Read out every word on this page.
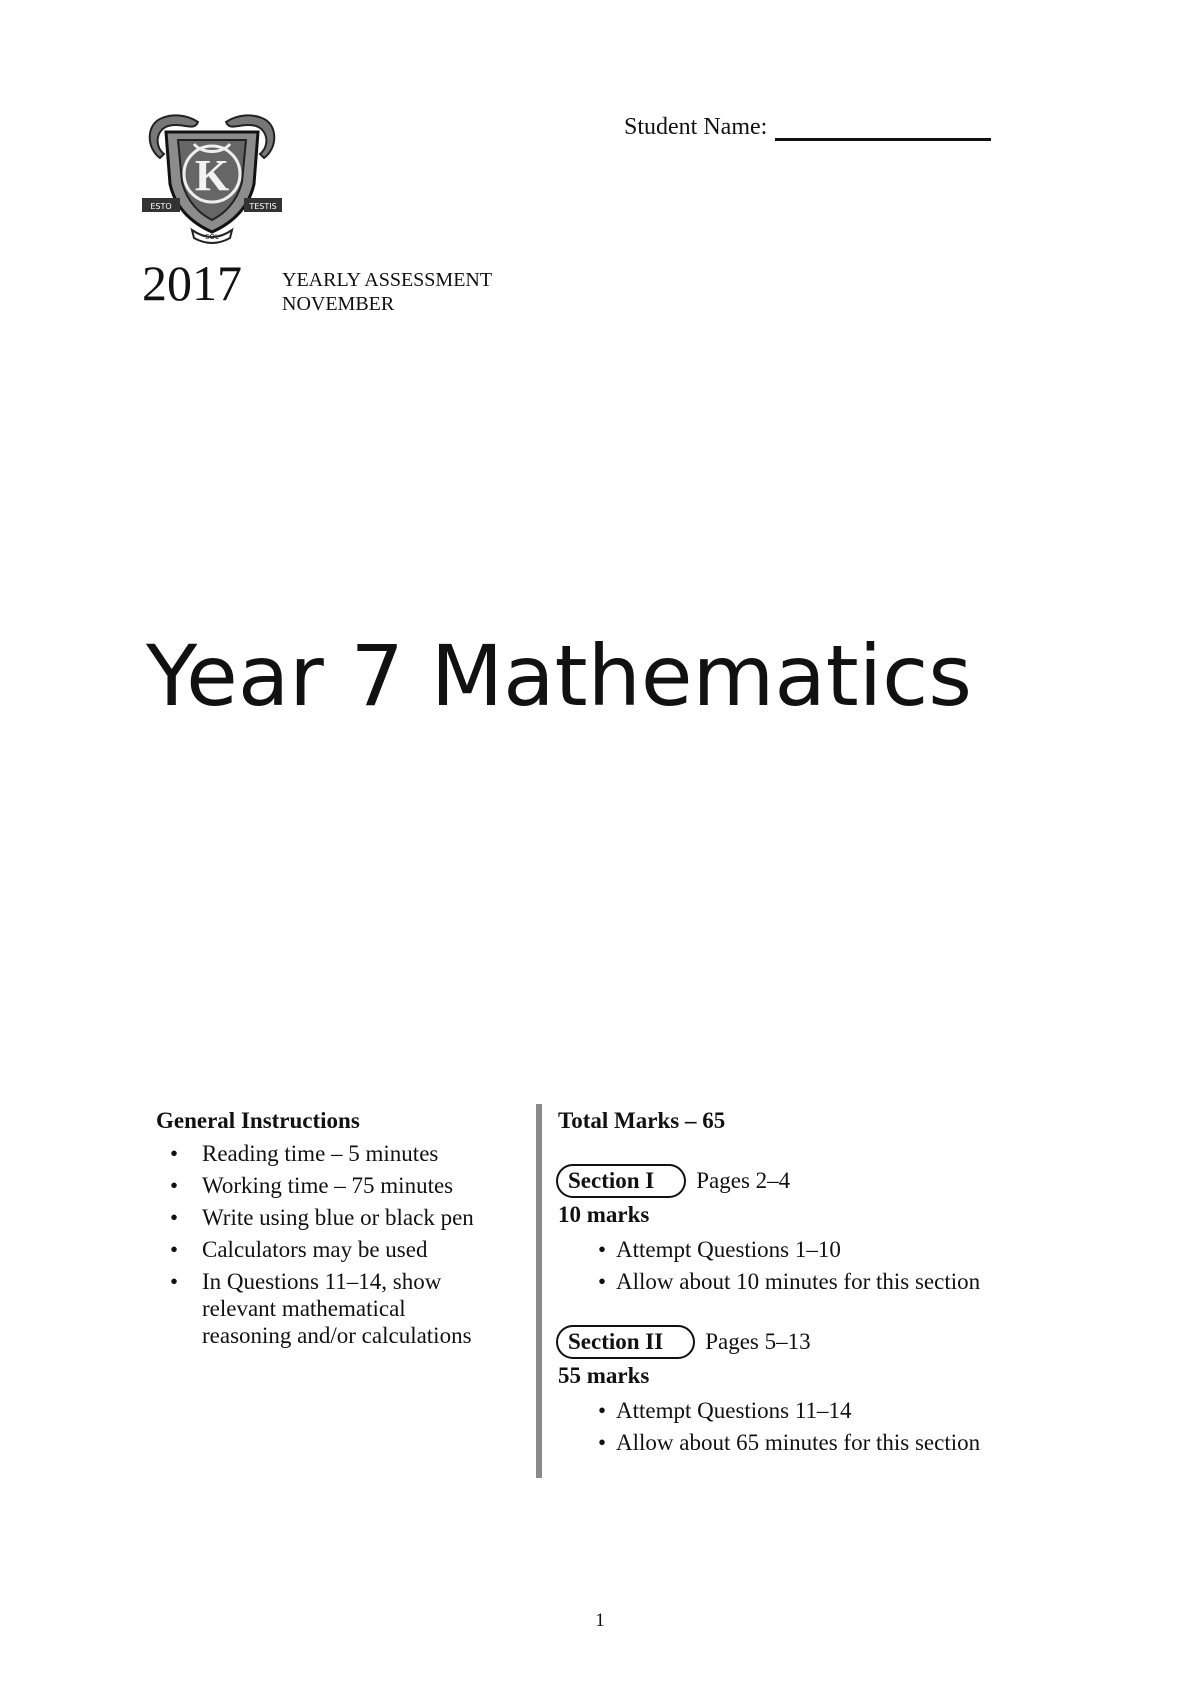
K
ESTO	TESTIS
SOL
Student Name:
2017 YEARLY ASSESSMENT
NOVEMBER
Year 7 Mathematics
General Instructions
• Reading time – 5 minutes
• Working time – 75 minutes
• Write using blue or black pen
• Calculators may be used
• In Questions 11–14, show relevant mathematical reasoning and/or calculations
Total Marks – 65
Section I	Pages 2–4
10 marks
• Attempt Questions 1–10
• Allow about 10 minutes for this section
Section II	Pages 5–13
55 marks
• Attempt Questions 11–14
• Allow about 65 minutes for this section
1
